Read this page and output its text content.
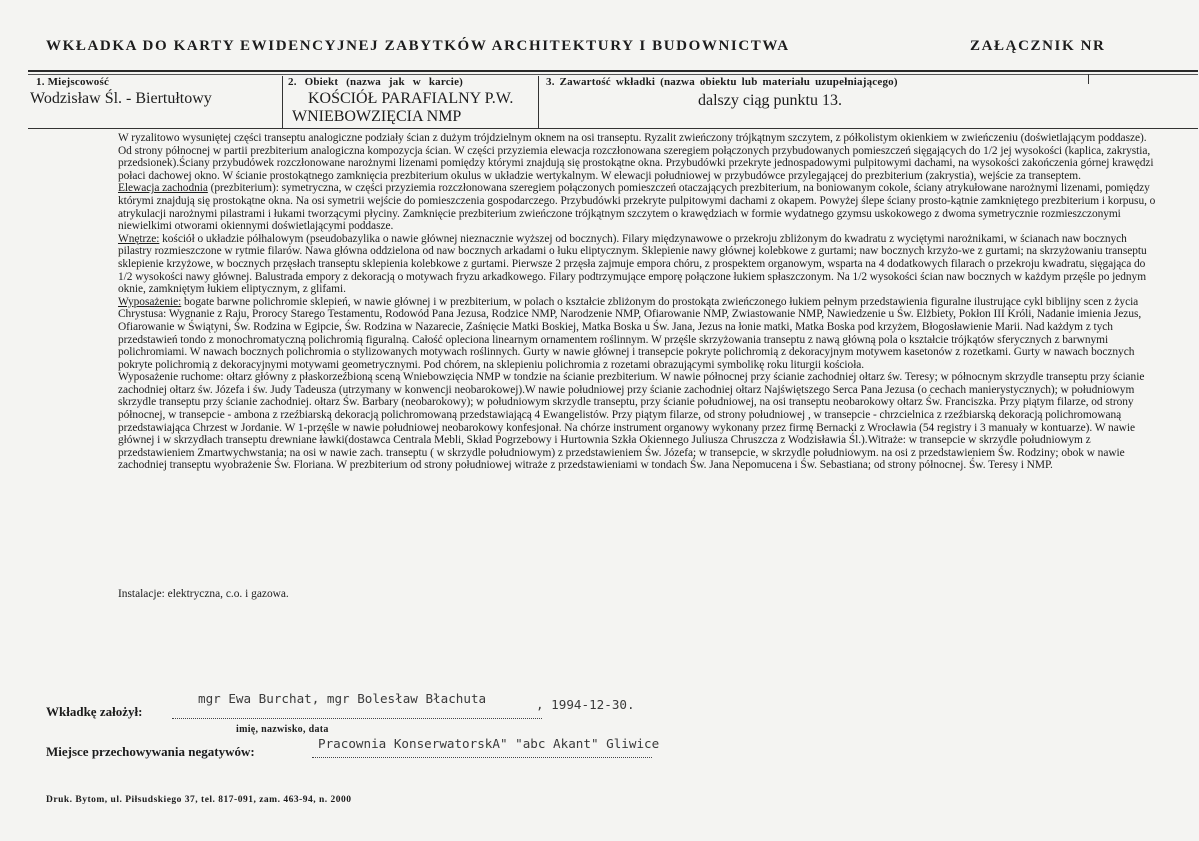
WKŁADKA DO KARTY EWIDENCYJNEJ ZABYTKÓW ARCHITEKTURY I BUDOWNICTWA	ZAŁĄCZNIK NR
1. Miejscowość
Wodzisław Śl. - Biertułtowy
2. Obiekt (nazwa jak w karcie)
KOŚCIÓŁ PARAFIALNY P.W.
WNIEBOWZIĘCIA NMP
3. Zawartość wkładki (nazwa obiektu lub materiału uzupełniającego)
dalszy ciąg punktu 13.

W ryzalitowo wysuniętej części transeptu analogiczne podziały ścian z dużym trójdzielnym oknem na osi transeptu. Ryzalit zwieńczony trójkątnym szczytem, z półkolistym okienkiem w zwieńczeniu (doświetlającym poddasze). Od strony północnej w partii prezbiterium analogiczna kompozycja ścian. W części przyziemia elewacja rozczłonowana szeregiem połączonych przybudowanych pomieszczeń sięgających do 1/2 jej wysokości (kaplica, zakrystia, przedsionek).Ściany przybudówek rozczłonowane narożnymi lizenami pomiędzy którymi znajdują się prostokątne okna. Przybudówki przekryte jednospadowymi pulpitowymi dachami, na wysokości zakończenia górnej krawędzi połaci dachowej okno. W ścianie prostokątnego zamknięcia prezbiterium okulus w układzie wertykalnym. W elewacji południowej w przybudówce przylegającej do prezbiterium (zakrystia), wejście za transeptem.

Elewacja zachodnia (prezbiterium): symetryczna, w części przyziemia rozczłonowana szeregiem połączonych pomieszczeń otaczających prezbiterium, na boniowanym cokole, ściany atrykułowane narożnymi lizenami, pomiędzy którymi znajdują się prostokątne okna. Na osi symetrii wejście do pomieszczenia gospodarczego. Przybudówki przekryte pulpitowymi dachami z okapem. Powyżej ślepe ściany prosto-kątnie zamkniętego prezbiterium i korpusu, o atrykulacji narożnymi pilastrami i łukami tworzącymi płyciny. Zamknięcie prezbiterium zwieńczone trójkątnym szczytem o krawędziach w formie wydatnego gzymsu uskokowego z dwoma symetrycznie rozmieszczonymi niewielkimi otworami okiennymi doświetlającymi poddasze.

Wnętrze: kościół o układzie półhalowym (pseudobazylika o nawie głównej nieznacznie wyższej od bocznych). Filary międzynawowe o przekroju zbliżonym do kwadratu z wyciętymi narożnikami, w ścianach naw bocznych pilastry rozmieszczone w rytmie filarów. Nawa główna oddzielona od naw bocznych arkadami o łuku eliptycznym. Sklepienie nawy głównej kolebkowe z gurtami; naw bocznych krzyżo-we z gurtami; na skrzyżowaniu transeptu sklepienie krzyżowe, w bocznych przęsłach transeptu sklepienia kolebkowe z gurtami. Pierwsze 2 przęsła zajmuje empora chóru, z prospektem organowym, wsparta na 4 dodatkowych filarach o przekroju kwadratu, sięgająca do 1/2 wysokości nawy głównej. Balustrada empory z dekoracją o motywach fryzu arkadkowego. Filary podtrzymujące emporę połączone łukiem spłaszczonym. Na 1/2 wysokości ścian naw bocznych w każdym przęśle po jednym oknie, zamkniętym łukiem eliptycznym, z glifami.

Wyposażenie: bogate barwne polichromie sklepień, w nawie głównej i w prezbiterium, w polach o kształcie zbliżonym do prostokąta zwieńczonego łukiem pełnym przedstawienia figuralne ilustrujące cykl biblijny scen z życia Chrystusa: Wygnanie z Raju, Prorocy Starego Testamentu, Rodowód Pana Jezusa, Rodzice NMP, Narodzenie NMP, Ofiarowanie NMP, Zwiastowanie NMP, Nawiedzenie u Św. Elżbiety, Pokłon III Króli, Nadanie imienia Jezus, Ofiarowanie w Świątyni, Św. Rodzina w Egipcie, Św. Rodzina w Nazarecie, Zaśnięcie Matki Boskiej, Matka Boska u Św. Jana, Jezus na łonie matki, Matka Boska pod krzyżem, Błogosławienie Marii. Nad każdym z tych przedstawień tondo z monochromatyczną polichromią figuralną. Całość opleciona linearnym ornamentem roślinnym. W przęśle skrzyżowania transeptu z nawą główną pola o kształcie trójkątów sferycznych z barwnymi polichromiami. W nawach bocznych polichromia o stylizowanych motywach roślinnych. Gurty w nawie głównej i transepcie pokryte polichromią z dekoracyjnym motywem kasetonów z rozetkami. Gurty w nawach bocznych pokryte polichromią z dekoracyjnymi motywami geometrycznymi. Pod chórem, na sklepieniu polichromia z rozetami obrazującymi symbolikę roku liturgii kościoła.

Wyposażenie ruchome: ołtarz główny z płaskorzeźbioną sceną Wniebowzięcia NMP w tondzie na ścianie prezbiterium. W nawie północnej przy ścianie zachodniej ołtarz św. Teresy; w północnym skrzydle transeptu przy ścianie zachodniej ołtarz św. Józefa i św. Judy Tadeusza (utrzymany w konwencji neobarokowej).W nawie południowej przy ścianie zachodniej ołtarz Najświętszego Serca Pana Jezusa (o cechach manierystycznych); w południowym skrzydle transeptu przy ścianie zachodniej. ołtarz Św. Barbary (neobarokowy); w południowym skrzydle transeptu, przy ścianie południowej, na osi transeptu neobarokowy ołtarz Św. Franciszka. Przy piątym filarze, od strony północnej, w transepcie - ambona z rzeźbiarską dekoracją polichromowaną przedstawiającą 4 Ewangelistów. Przy piątym filarze, od strony południowej , w transepcie - chrzcielnica z rzeźbiarską dekoracją polichromowaną przedstawiająca Chrzest w Jordanie. W 1-przęśle w nawie południowej neobarokowy konfesjonał. Na chórze instrument organowy wykonany przez firmę Bernacki z Wrocławia (54 registry i 3 manuały w kontuarze). W nawie głównej i w skrzydłach transeptu drewniane ławki(dostawca Centrala Mebli, Skład Pogrzebowy i Hurtownia Szkła Okiennego Juliusza Chruszcza z Wodzisławia Śl.).Witraże: w transepcie w skrzydle południowym z przedstawieniem Zmartwychwstania; na osi w nawie zach. transeptu ( w skrzydle południowym) z przedstawieniem Św. Józefa; w transepcie, w skrzydle południowym. na osi z przedstawieniem Św. Rodziny; obok w nawie zachodniej transeptu wyobrażenie Św. Floriana. W prezbiterium od strony południowej witraże z przedstawieniami w tondach Św. Jana Nepomucena i Św. Sebastiana; od strony północnej. Św. Teresy i NMP.

Instalacje: elektryczna, c.o. i gazowa.
Wkładkę założył:
mgr Ewa Burchat, mgr Bolesław Błachuta	, 1994-12-30.
imię, nazwisko, data
Miejsce przechowywania negatywów:
Pracownia KonserwatorskA" "abc Akant" Gliwice
Druk. Bytom, ul. Piłsudskiego 37, tel. 817-091, zam. 463-94, n. 2000
